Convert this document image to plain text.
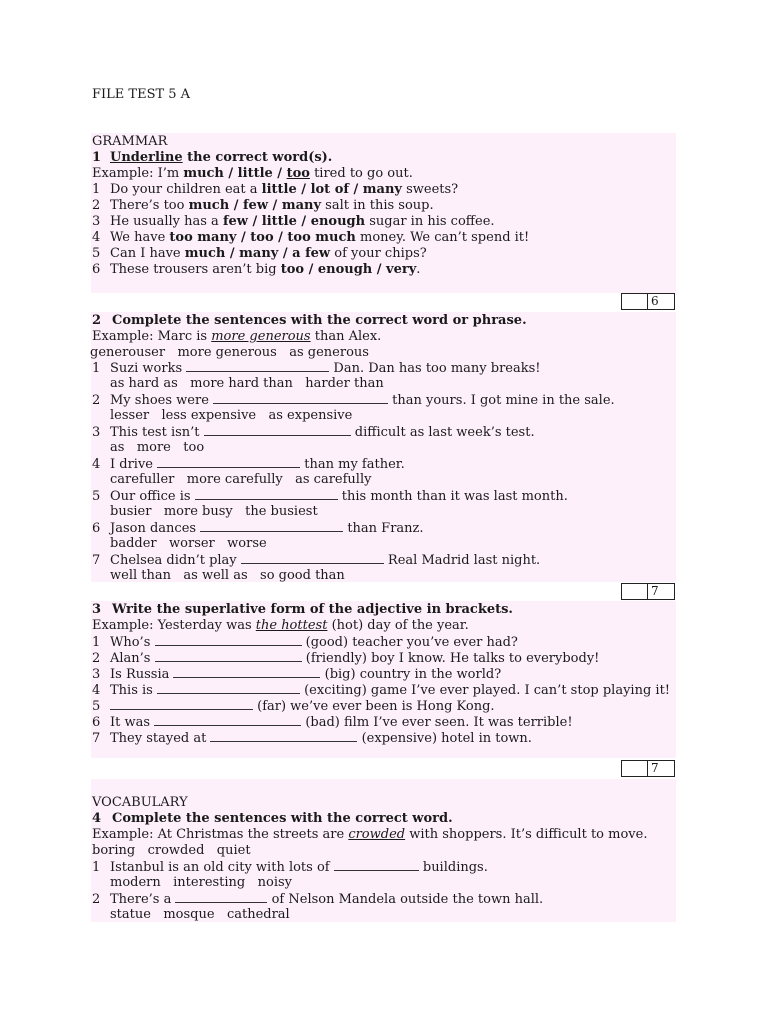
FILE TEST 5 A
GRAMMAR
1 Underline the correct word(s).
Example: I’m much / little / too tired to go out.
1 Do your children eat a little / lot of / many sweets?
2 There’s too much / few / many salt in this soup.
3 He usually has a few / little / enough sugar in his coffee.
4 We have too many / too / too much money. We can’t spend it!
5 Can I have much / many / a few of your chips?
6 These trousers aren’t big too / enough / very.
6
2 Complete the sentences with the correct word or phrase.
Example: Marc is more generous than Alex.
generouser   more generous   as generous
1 Suzi works	Dan. Dan has too many breaks!
as hard as   more hard than   harder than
2 My shoes were	than yours. I got mine in the sale.
lesser   less expensive   as expensive
3 This test isn’t	difficult as last week’s test.
as   more   too
4 I drive	than my father.
carefuller   more carefully   as carefully
5 Our office is	this month than it was last month.
busier   more busy   the busiest
6 Jason dances	than Franz.
badder   worser   worse
7 Chelsea didn’t play	Real Madrid last night.
well than   as well as   so good than
7
3 Write the superlative form of the adjective in brackets.
Example: Yesterday was the hottest (hot) day of the year.
1 Who’s	(good) teacher you’ve ever had?
2 Alan’s	(friendly) boy I know. He talks to everybody!
3 Is Russia	(big) country in the world?
4 This is	(exciting) game I’ve ever played. I can’t stop playing it!
5	(far) we’ve ever been is Hong Kong.
6 It was	(bad) film I’ve ever seen. It was terrible!
7 They stayed at	(expensive) hotel in town.
7
VOCABULARY
4 Complete the sentences with the correct word.
Example: At Christmas the streets are crowded with shoppers. It’s difficult to move.
boring   crowded   quiet
1 Istanbul is an old city with lots of	buildings.
modern   interesting   noisy
2 There’s a	of Nelson Mandela outside the town hall.
statue   mosque   cathedral
